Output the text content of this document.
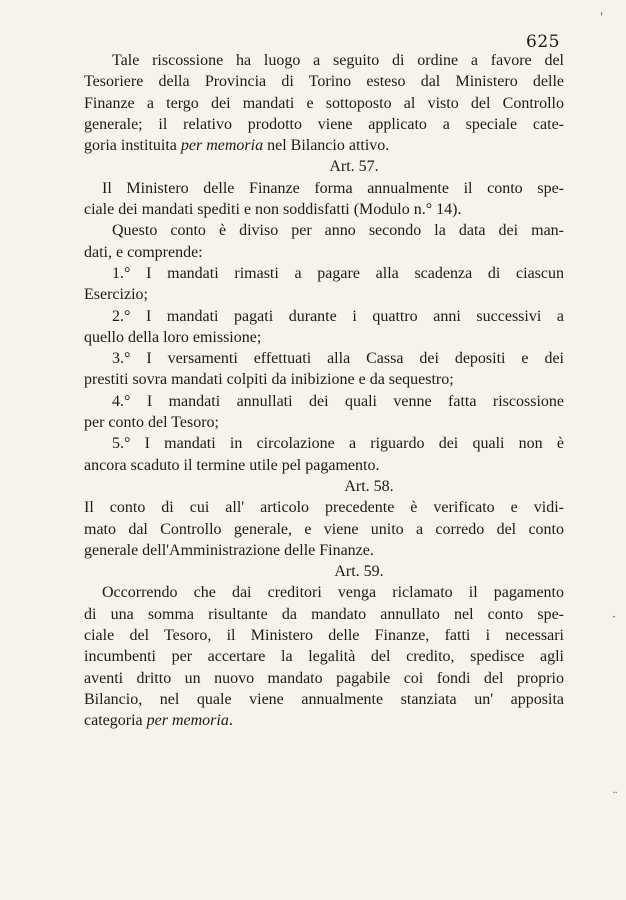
625
Tale riscossione ha luogo a seguito di ordine a favore del
Tesoriere della Provincia di Torino esteso dal Ministero delle
Finanze a tergo dei mandati e sottoposto al visto del Controllo
generale; il relativo prodotto viene applicato a speciale cate-
goria instituita per memoria nel Bilancio attivo.
Art. 57.
Il Ministero delle Finanze forma annualmente il conto spe-
ciale dei mandati spediti e non soddisfatti (Modulo n.° 14).
Questo conto è diviso per anno secondo la data dei man-
dati, e comprende:
1.° I mandati rimasti a pagare alla scadenza di ciascun
Esercizio;
2.° I mandati pagati durante i quattro anni successivi a
quello della loro emissione;
3.° I versamenti effettuati alla Cassa dei depositi e dei
prestiti sovra mandati colpiti da inibizione e da sequestro;
4.° I mandati annullati dei quali venne fatta riscossione
per conto del Tesoro;
5.° I mandati in circolazione a riguardo dei quali non è
ancora scaduto il termine utile pel pagamento.
Art. 58.
Il conto di cui all' articolo precedente è verificato e vidi-
mato dal Controllo generale, e viene unito a corredo del conto
generale dell'Amministrazione delle Finanze.
Art. 59.
Occorrendo che dai creditori venga riclamato il pagamento
di una somma risultante da mandato annullato nel conto spe-
ciale del Tesoro, il Ministero delle Finanze, fatti i necessari
incumbenti per accertare la legalità del credito, spedisce agli
aventi dritto un nuovo mandato pagabile coi fondi del proprio
Bilancio, nel quale viene annualmente stanziata un' apposita
categoria per memoria.
'
·
¨
